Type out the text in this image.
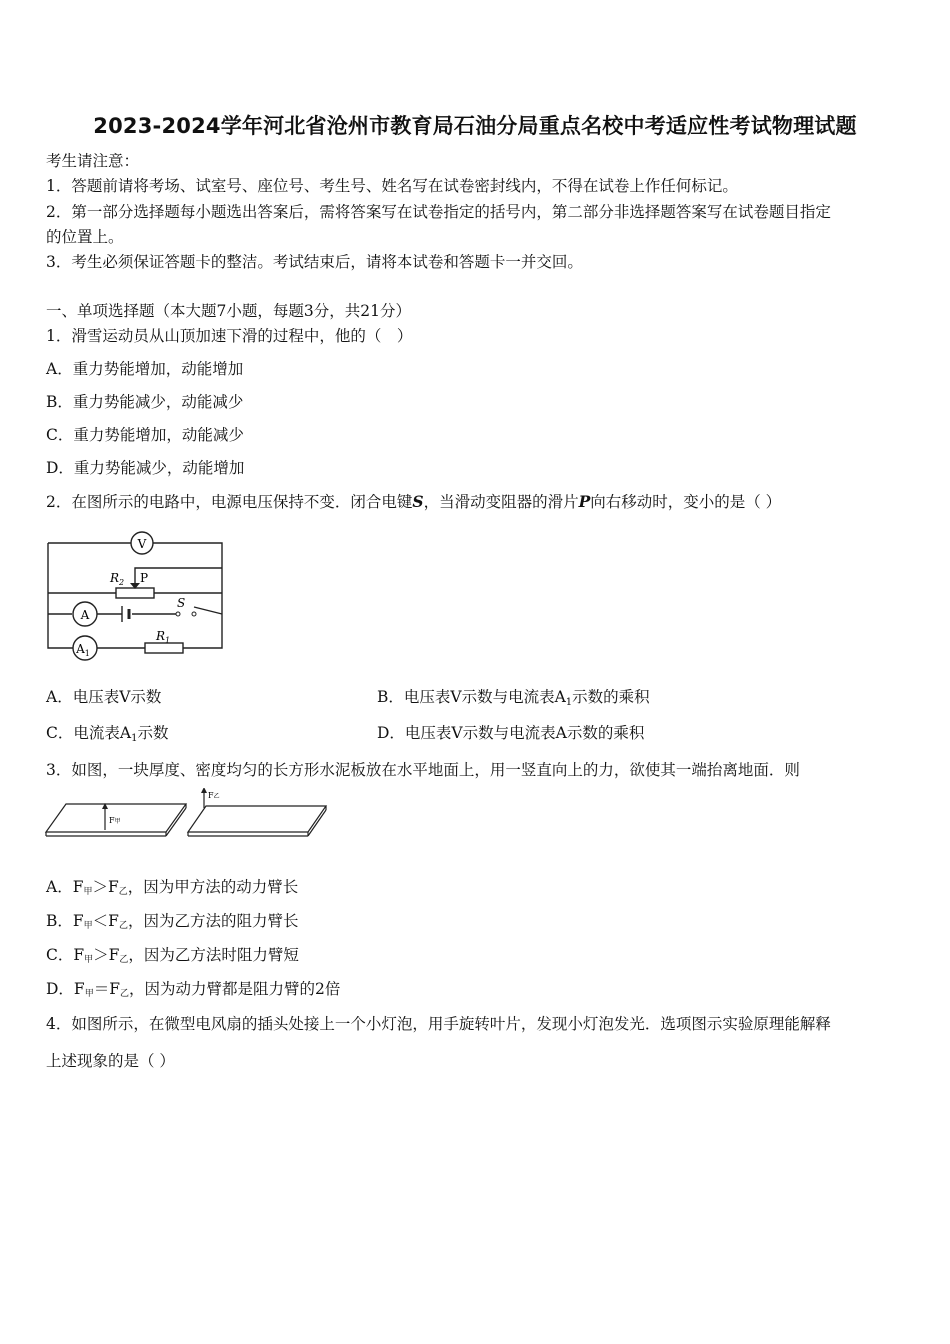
2023-2024学年河北省沧州市教育局石油分局重点名校中考适应性考试物理试题
考生请注意：
1．答题前请将考场、试室号、座位号、考生号、姓名写在试卷密封线内，不得在试卷上作任何标记。
2．第一部分选择题每小题选出答案后，需将答案写在试卷指定的括号内，第二部分非选择题答案写在试卷题目指定
的位置上。
3．考生必须保证答题卡的整洁。考试结束后，请将本试卷和答题卡一并交回。
一、单项选择题（本大题7小题，每题3分，共21分）
1．滑雪运动员从山顶加速下滑的过程中，他的（　）
A．重力势能增加，动能增加
B．重力势能减少，动能减少
C．重力势能增加，动能减少
D．重力势能减少，动能增加
2．在图所示的电路中，电源电压保持不变．闭合电键S，当滑动变阻器的滑片P向右移动时，变小的是（ ）
V
A
$A_1$
$R_2$ P
S
$R_1$
A．电压表V示数	B．电压表V示数与电流表$A_1$示数的乘积
C．电流表$A_1$示数	D．电压表V示数与电流表A示数的乘积
3．如图，一块厚度、密度均匀的长方形水泥板放在水平地面上，用一竖直向上的力，欲使其一端抬离地面．则
F甲
F乙
A．F甲＞F乙，因为甲方法的动力臂长
B．F甲＜F乙，因为乙方法的阻力臂长
C．F甲＞F乙，因为乙方法时阻力臂短
D．F甲＝F乙，因为动力臂都是阻力臂的2倍
4．如图所示，在微型电风扇的插头处接上一个小灯泡，用手旋转叶片，发现小灯泡发光．选项图示实验原理能解释
上述现象的是（ ）
